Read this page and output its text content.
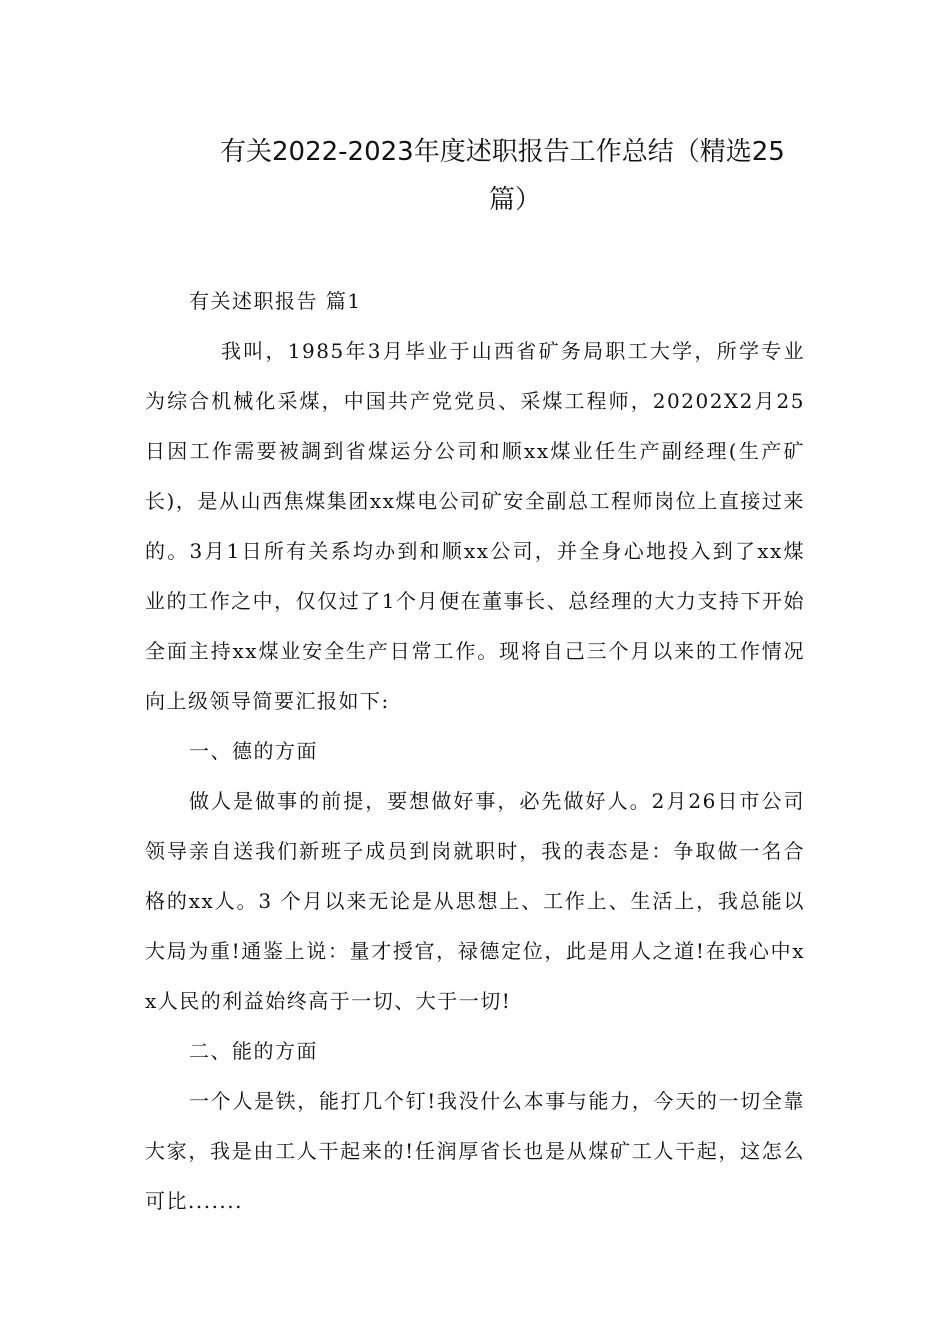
有关2022-2023年度述职报告工作总结（精选25
篇）

有关述职报告 篇1

我叫，1985年3月毕业于山西省矿务局职工大学，所学专业为综合机械化采煤，中国共产党党员、采煤工程师，20202X2月25日因工作需要被調到省煤运分公司和顺xx煤业任生产副经理(生产矿长)，是从山西焦煤集团xx煤电公司矿安全副总工程师岗位上直接过来的。3月1日所有关系均办到和顺xx公司，并全身心地投入到了xx煤业的工作之中，仅仅过了1个月便在董事长、总经理的大力支持下开始全面主持xx煤业安全生产日常工作。现将自己三个月以来的工作情况向上级领导简要汇报如下:

一、德的方面

做人是做事的前提，要想做好事，必先做好人。2月26日市公司领导亲自送我们新班子成员到岗就职时，我的表态是：争取做一名合格的xx人。3 个月以来无论是从思想上、工作上、生活上，我总能以大局为重!通鉴上说：量才授官，禄德定位，此是用人之道!在我心中xx人民的利益始终高于一切、大于一切!

二、能的方面

一个人是铁，能打几个钉!我没什么本事与能力，今天的一切全靠大家，我是由工人干起来的!任润厚省长也是从煤矿工人干起，这怎么可比.......
